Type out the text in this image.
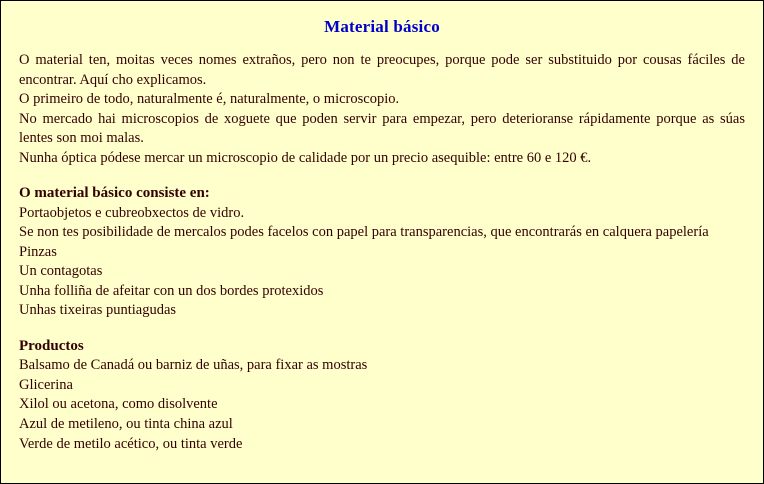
Material básico

O material ten, moitas veces nomes extraños, pero non te preocupes, porque pode ser substituido por cousas fáciles de encontrar. Aquí cho explicamos.

O primeiro de todo, naturalmente é, naturalmente, o microscopio.

No mercado hai microscopios de xoguete que poden servir para empezar, pero deterioranse rápidamente porque as súas lentes son moi malas.

Nunha óptica pódese mercar un microscopio de calidade por un precio asequible: entre 60 e 120 €.

O material básico consiste en:
Portaobjetos e cubreobxectos de vidro.
Se non tes posibilidade de mercalos podes facelos con papel para transparencias, que encontrarás en calquera papelería
Pinzas
Un contagotas
Unha folliña de afeitar con un dos bordes protexidos
Unhas tixeiras puntiagudas
Productos
Balsamo de Canadá ou barniz de uñas, para fixar as mostras
Glicerina
Xilol ou acetona, como disolvente
Azul de metileno, ou tinta china azul
Verde de metilo acético, ou tinta verde
